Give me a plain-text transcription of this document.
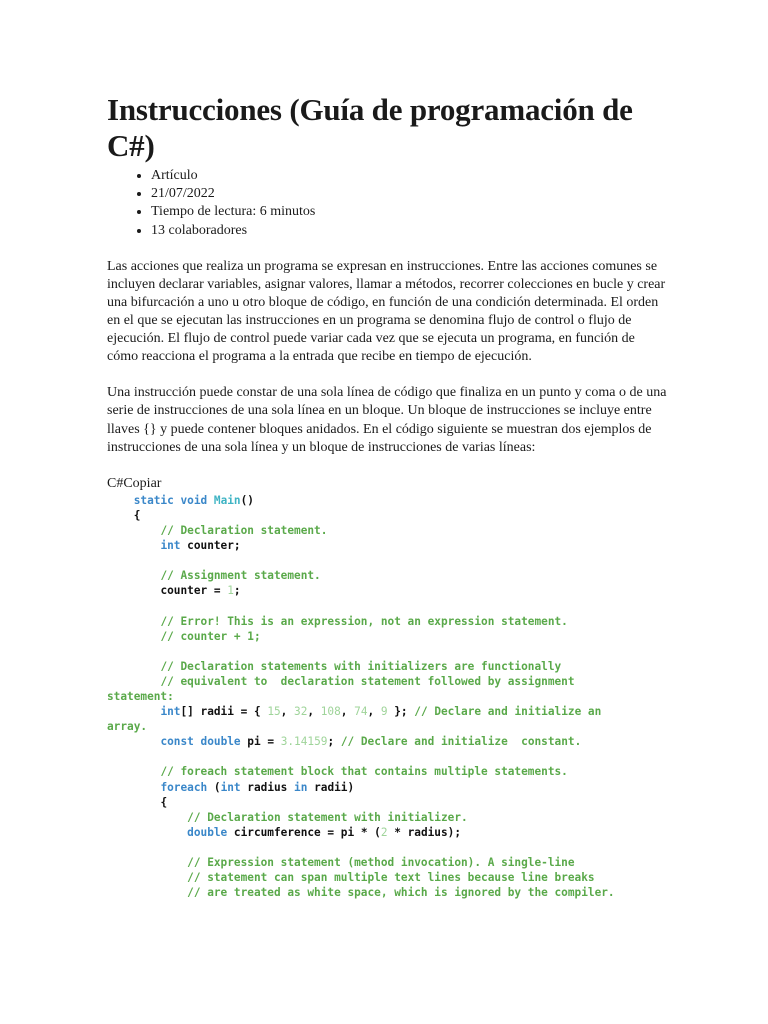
Instrucciones (Guía de programación de C#)
• Artículo
• 21/07/2022
• Tiempo de lectura: 6 minutos
• 13 colaboradores

Las acciones que realiza un programa se expresan en instrucciones. Entre las acciones comunes se incluyen declarar variables, asignar valores, llamar a métodos, recorrer colecciones en bucle y crear una bifurcación a uno u otro bloque de código, en función de una condición determinada. El orden en el que se ejecutan las instrucciones en un programa se denomina flujo de control o flujo de ejecución. El flujo de control puede variar cada vez que se ejecuta un programa, en función de cómo reacciona el programa a la entrada que recibe en tiempo de ejecución.

Una instrucción puede constar de una sola línea de código que finaliza en un punto y coma o de una serie de instrucciones de una sola línea en un bloque. Un bloque de instrucciones se incluye entre llaves {} y puede contener bloques anidados. En el código siguiente se muestran dos ejemplos de instrucciones de una sola línea y un bloque de instrucciones de varias líneas:

C#Copiar
static void Main()
{
// Declaration statement.
int counter;

// Assignment statement.
counter = 1;

// Error! This is an expression, not an expression statement.
// counter + 1;

// Declaration statements with initializers are functionally
// equivalent to  declaration statement followed by assignment statement:
int[] radii = { 15, 32, 108, 74, 9 }; // Declare and initialize an array.
const double pi = 3.14159; // Declare and initialize  constant.

// foreach statement block that contains multiple statements.
foreach (int radius in radii)
{
// Declaration statement with initializer.
double circumference = pi * (2 * radius);

// Expression statement (method invocation). A single-line
// statement can span multiple text lines because line breaks
// are treated as white space, which is ignored by the compiler.
